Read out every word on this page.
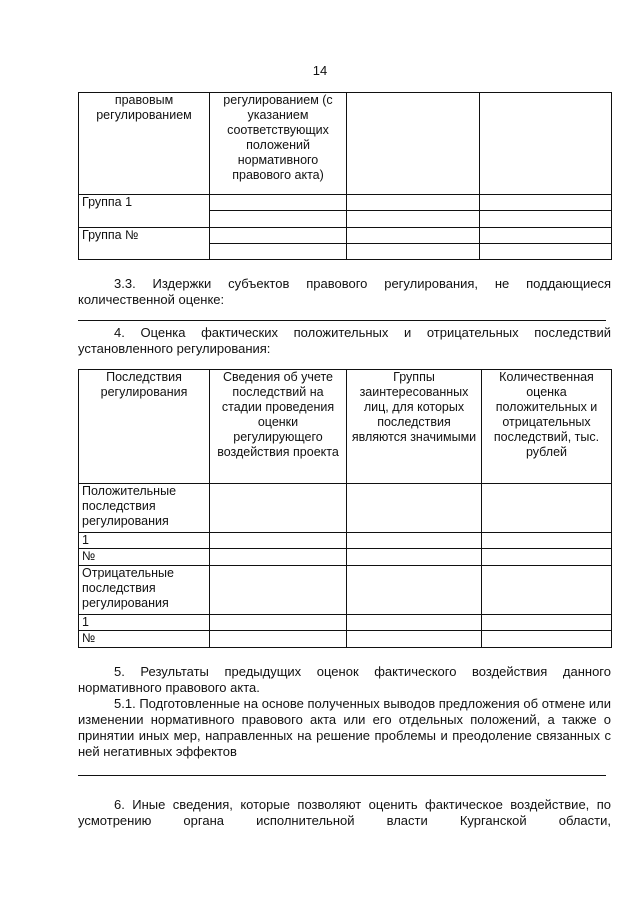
14
правовым регулированием	регулированием (с указанием соответствующих положений нормативного правового акта)		
Группа 1			

Группа №			

3.3. Издержки субъектов правового регулирования, не поддающиеся количественной оценке:
4. Оценка фактических положительных и отрицательных последствий установленного регулирования:
Последствия регулирования	Сведения об учете последствий на стадии проведения оценки регулирующего воздействия проекта	Группы заинтересованных лиц, для которых последствия являются значимыми	Количественная оценка положительных и отрицательных последствий, тыс. рублей
Положительные последствия регулирования			
1			
№			
Отрицательные последствия регулирования			
1			
№			
5. Результаты предыдущих оценок фактического воздействия данного нормативного правового акта.
5.1. Подготовленные на основе полученных выводов предложения об отмене или изменении нормативного правового акта или его отдельных положений, а также о принятии иных мер, направленных на решение проблемы и преодоление связанных с ней негативных эффектов
6. Иные сведения, которые позволяют оценить фактическое воздействие, по усмотрению органа исполнительной власти Курганской области,
